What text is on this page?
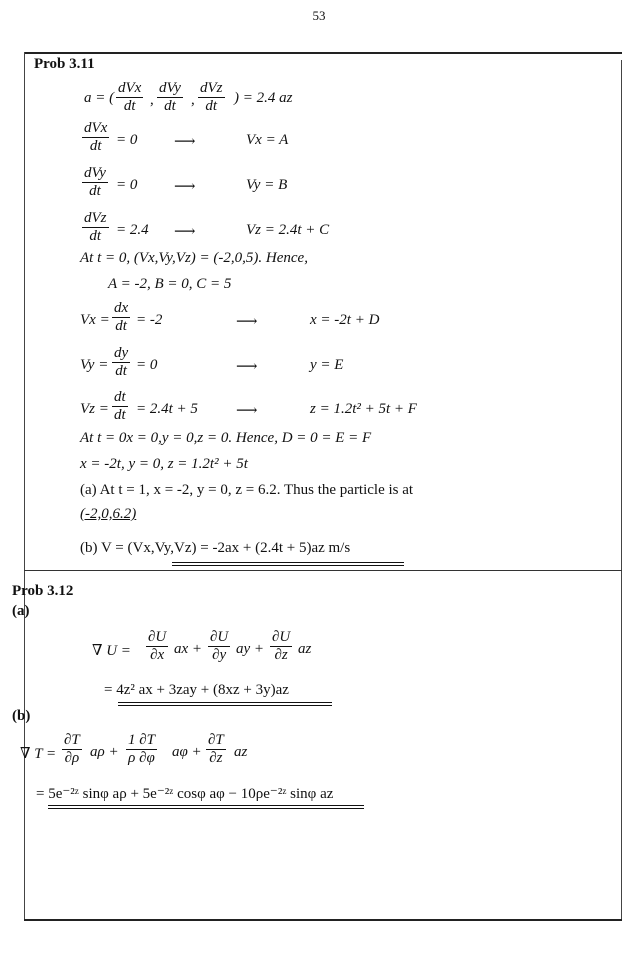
53
Prob 3.11
a = (
dVx
dt ,
dVy
dt	,
dVz
dt	) = 2.4 az
dVx
dt = 0 ⟶	Vx = A
dVy
dt	= 0 ⟶	Vy = B
dVz
dt = 2.4 ⟶	Vz = 2.4t + C
At t = 0, (Vx,Vy,Vz) = (-2,0,5). Hence,
A = -2, B = 0, C = 5
$Vx = \frac{dx}{dt} = -2$	⟶	x = -2t + D
$Vy = \frac{dy}{dt} = 0$	⟶	y = E
$Vz = \frac{dt}{dt} = 2.4t + 5$	⟶	z = 1.2t² + 5t + F
At t = 0x = 0,y = 0,z = 0. Hence, D = 0 = E = F
x = -2t, y = 0, z = 1.2t² + 5t
(a) At t = 1, x = -2, y = 0, z = 6.2. Thus the particle is at
(-2,0,6.2)
(b) V = (Vx,Vy,Vz) = -2ax + (2.4t + 5)az m/s
Prob 3.12
(a)
∇ $U = \frac{\partial U}{\partial x}$ ax + $\frac{\partial U}{\partial y}$ ay + $\frac{\partial U}{\partial z}$ az
= 4z² ax + 3zay + (8xz + 3y)az
(b)
∇ $T = \frac{\partial T}{\partial\rho}$ $a\rho + \frac{1 \partial T}{\rho \partial\varphi}$ $a\varphi + \frac{\partial T}{\partial z}$ az
= 5e⁻²ᶻ sinφ aρ + 5e⁻²ᶻ cosφ aφ − 10ρe⁻²ᶻ sinφ az
